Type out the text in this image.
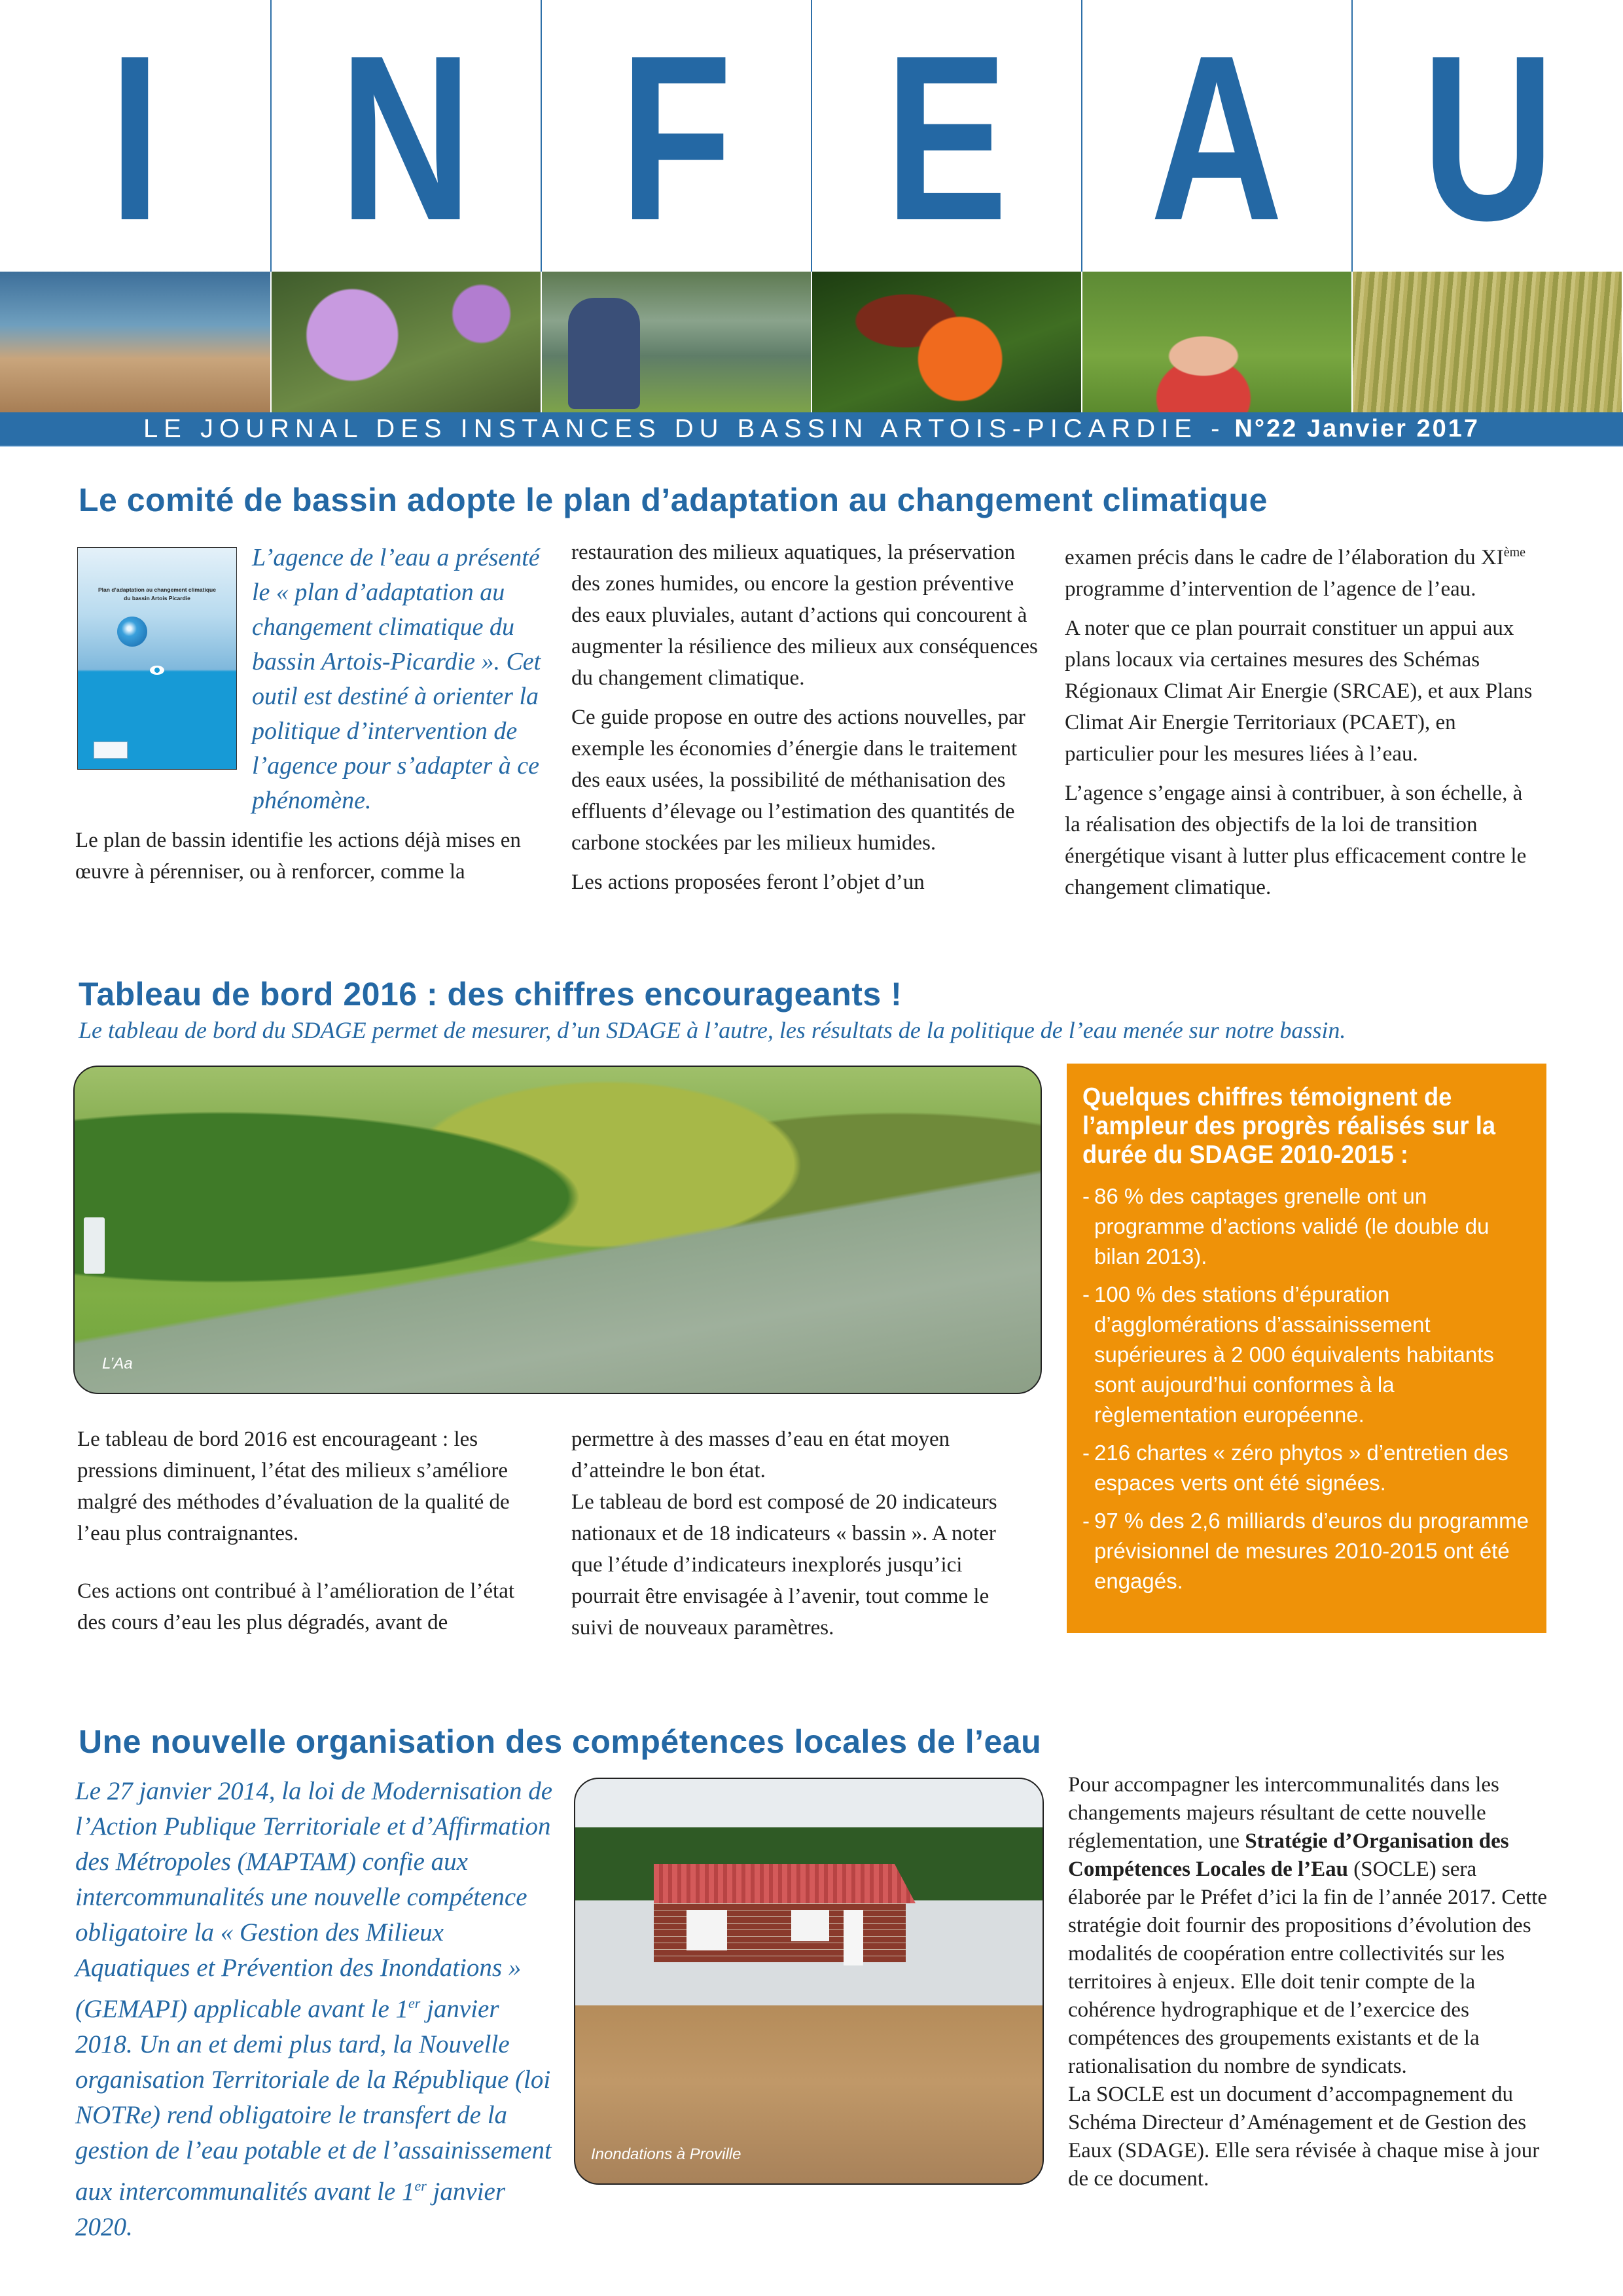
I N F E A U
LE JOURNAL DES INSTANCES DU BASSIN ARTOIS-PICARDIE - N°22 Janvier 2017
Le comité de bassin adopte le plan d’adaptation au changement climatique
Plan d’adaptation au changement climatique
du bassin Artois Picardie
L’agence de l’eau a présenté le « plan d’adaptation au changement climatique du bassin Artois-Picardie ». Cet outil est destiné à orienter la politique d’intervention de l’agence pour s’adapter à ce phénomène.

Le plan de bassin identifie les actions déjà mises en œuvre à pérenniser, ou à renforcer, comme la

restauration des milieux aquatiques, la préservation des zones humides, ou encore la gestion préventive des eaux pluviales, autant d’actions qui concourent à augmenter la résilience des milieux aux conséquences du changement climatique.

Ce guide propose en outre des actions nouvelles, par exemple les économies d’énergie dans le traitement des eaux usées, la possibilité de méthanisation des effluents d’élevage ou l’estimation des quantités de carbone stockées par les milieux humides.

Les actions proposées feront l’objet d’un

examen précis dans le cadre de l’élaboration du XIème programme d’intervention de l’agence de l’eau.

A noter que ce plan pourrait constituer un appui aux plans locaux via certaines mesures des Schémas Régionaux Climat Air Energie (SRCAE), et aux Plans Climat Air Energie Territoriaux (PCAET), en particulier pour les mesures liées à l’eau.

L’agence s’engage ainsi à contribuer, à son échelle, à la réalisation des objectifs de la loi de transition énergétique visant à lutter plus efficacement contre le changement climatique.

Tableau de bord 2016 : des chiffres encourageants !
Le tableau de bord du SDAGE permet de mesurer, d’un SDAGE à l’autre, les résultats de la politique de l’eau menée sur notre bassin.
L’Aa

Le tableau de bord 2016 est encourageant : les pressions diminuent, l’état des milieux s’améliore malgré des méthodes d’évaluation de la qualité de l’eau plus contraignantes.

Ces actions ont contribué à l’amélioration de l’état des cours d’eau les plus dégradés, avant de

permettre à des masses d’eau en état moyen d’atteindre le bon état.

Le tableau de bord est composé de 20 indicateurs nationaux et de 18 indicateurs « bassin ». A noter que l’étude d’indicateurs inexplorés jusqu’ici pourrait être envisagée à l’avenir, tout comme le suivi de nouveaux paramètres.

Quelques chiffres témoignent de l’ampleur des progrès réalisés sur la durée du SDAGE 2010-2015 :
- 86 % des captages grenelle ont un programme d’actions validé (le double du bilan 2013).
- 100 % des stations d’épuration d’agglomérations d’assainissement supérieures à 2 000 équivalents habitants sont aujourd’hui conformes à la règlementation européenne.
- 216 chartes « zéro phytos » d’entretien des espaces verts ont été signées.
- 97 % des 2,6 milliards d’euros du programme prévisionnel de mesures 2010-2015 ont été engagés.
Une nouvelle organisation des compétences locales de l’eau
Le 27 janvier 2014, la loi de Modernisation de l’Action Publique Territoriale et d’Affirmation des Métropoles (MAPTAM) confie aux intercommunalités une nouvelle compétence obligatoire la « Gestion des Milieux Aquatiques et Prévention des Inondations » (GEMAPI) applicable avant le 1er janvier 2018. Un an et demi plus tard, la Nouvelle organisation Territoriale de la République (loi NOTRe) rend obligatoire le transfert de la gestion de l’eau potable et de l’assainissement aux intercommunalités avant le 1er janvier 2020.
Inondations à Proville

Pour accompagner les intercommunalités dans les changements majeurs résultant de cette nouvelle réglementation, une Stratégie d’Organisation des Compétences Locales de l’Eau (SOCLE) sera élaborée par le Préfet d’ici la fin de l’année 2017. Cette stratégie doit fournir des propositions d’évolution des modalités de coopération entre collectivités sur les territoires à enjeux. Elle doit tenir compte de la cohérence hydrographique et de l’exercice des compétences des groupements existants et de la rationalisation du nombre de syndicats.

La SOCLE est un document d’accompagnement du Schéma Directeur d’Aménagement et de Gestion des Eaux (SDAGE). Elle sera révisée à chaque mise à jour de ce document.
